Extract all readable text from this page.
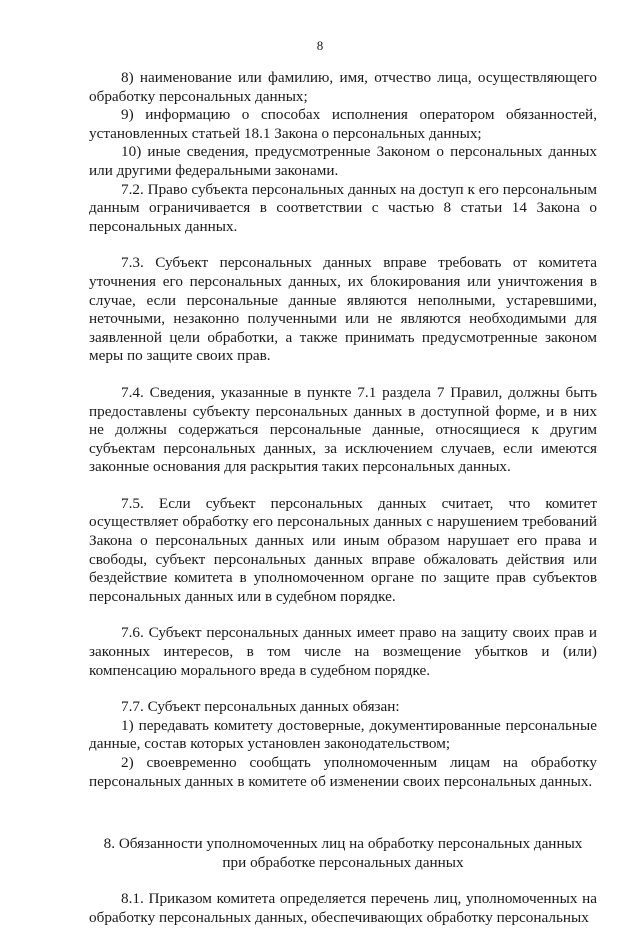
8

8) наименование или фамилию, имя, отчество лица, осуществляющего обработку персональных данных;

9) информацию о способах исполнения оператором обязанностей, установленных статьей 18.1 Закона о персональных данных;

10) иные сведения, предусмотренные Законом о персональных данных или другими федеральными законами.

7.2. Право субъекта персональных данных на доступ к его персональным данным ограничивается в соответствии с частью 8 статьи 14 Закона о персональных данных.

7.3. Субъект персональных данных вправе требовать от комитета уточнения его персональных данных, их блокирования или уничтожения в случае, если персональные данные являются неполными, устаревшими, неточными, незаконно полученными или не являются необходимыми для заявленной цели обработки, а также принимать предусмотренные законом меры по защите своих прав.

7.4. Сведения, указанные в пункте 7.1 раздела 7 Правил, должны быть предоставлены субъекту персональных данных в доступной форме, и в них не должны содержаться персональные данные, относящиеся к другим субъектам персональных данных, за исключением случаев, если имеются законные основания для раскрытия таких персональных данных.

7.5. Если субъект персональных данных считает, что комитет осуществляет обработку его персональных данных с нарушением требований Закона о персональных данных или иным образом нарушает его права и свободы, субъект персональных данных вправе обжаловать действия или бездействие комитета в уполномоченном органе по защите прав субъектов персональных данных или в судебном порядке.

7.6. Субъект персональных данных имеет право на защиту своих прав и законных интересов, в том числе на возмещение убытков и (или) компенсацию морального вреда в судебном порядке.

7.7. Субъект персональных данных обязан:

1) передавать комитету достоверные, документированные персональные данные, состав которых установлен законодательством;

2) своевременно сообщать уполномоченным лицам на обработку персональных данных в комитете об изменении своих персональных данных.

8. Обязанности уполномоченных лиц на обработку персональных данных при обработке персональных данных

8.1. Приказом комитета определяется перечень лиц, уполномоченных на обработку персональных данных, обеспечивающих обработку персональных
